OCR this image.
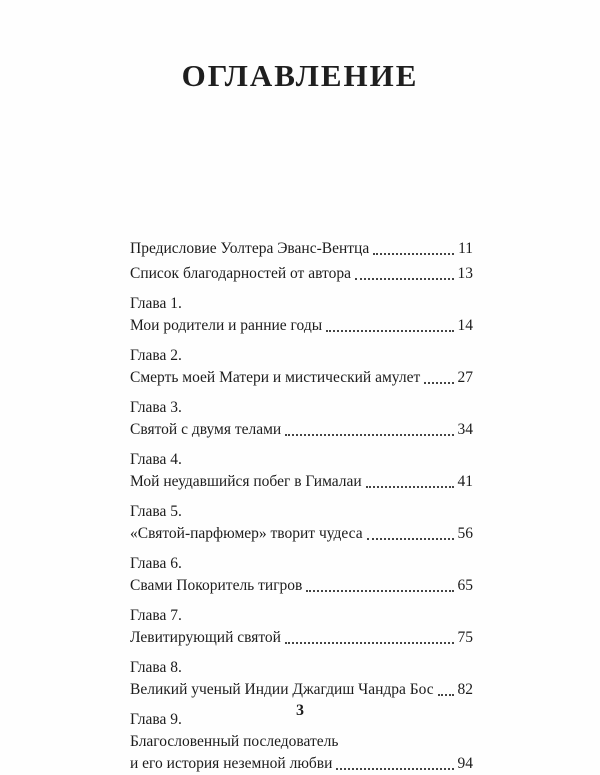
ОГЛАВЛЕНИЕ
Предисловие Уолтера Эванс-Вентца	11
Список благодарностей от автора	13
Глава 1.
Мои родители и ранние годы	14
Глава 2.
Смерть моей Матери и мистический амулет 27
Глава 3.
Святой с двумя телами	34
Глава 4.
Мой неудавшийся побег в Гималаи	41
Глава 5.
«Святой-парфюмер» творит чудеса	56
Глава 6.
Свами Покоритель тигров	65
Глава 7.
Левитирующий святой	75
Глава 8.
Великий ученый Индии Джагдиш Чандра Бос 82
Глава 9.
Благословенный последователь
и его история неземной любви	94
3
